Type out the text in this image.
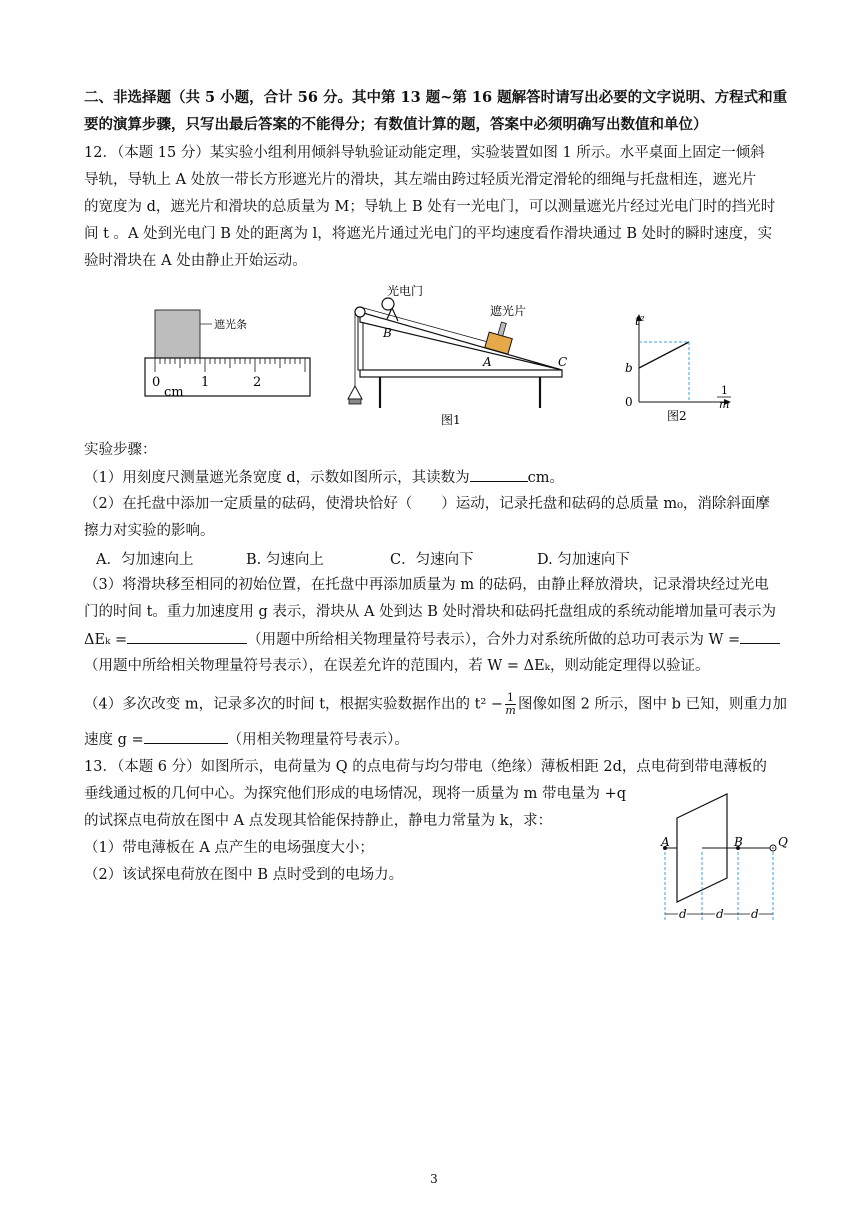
二、非选择题（共 5 小题，合计 56 分。其中第 13 题~第 16 题解答时请写出必要的文字说明、方程式和重
要的演算步骤，只写出最后答案的不能得分；有数值计算的题，答案中必须明确写出数值和单位）
12．（本题 15 分）某实验小组利用倾斜导轨验证动能定理，实验装置如图 1 所示。水平桌面上固定一倾斜
导轨，导轨上 A 处放一带长方形遮光片的滑块，其左端由跨过轻质光滑定滑轮的细绳与托盘相连，遮光片
的宽度为 d，遮光片和滑块的总质量为 M；导轨上 B 处有一光电门，可以测量遮光片经过光电门时的挡光时
间 t 。A 处到光电门 B 处的距离为 l，将遮光片通过光电门的平均速度看作滑块通过 B 处时的瞬时速度，实
验时滑块在 A 处由静止开始运动。
遮光条
0	1	2
cm
光电门
遮光片
B
A	C
图1
t²
b
0
1
m
图2
实验步骤：
（1）用刻度尺测量遮光条宽度 d，示数如图所示，其读数为	cm。
（2）在托盘中添加一定质量的砝码，使滑块恰好（　　）运动，记录托盘和砝码的总质量 m₀，消除斜面摩
擦力对实验的影响。
A．匀加速向上	B. 匀速向上	C．匀速向下	D. 匀加速向下
（3）将滑块移至相同的初始位置，在托盘中再添加质量为 m 的砝码，由静止释放滑块，记录滑块经过光电
门的时间 t。重力加速度用 g 表示，滑块从 A 处到达 B 处时滑块和砝码托盘组成的系统动能增加量可表示为
ΔEₖ =	（用题中所给相关物理量符号表示），合外力对系统所做的总功可表示为 W =
（用题中所给相关物理量符号表示），在误差允许的范围内，若 W = ΔEₖ，则动能定理得以验证。
（4）多次改变 m，记录多次的时间 t，根据实验数据作出的 $t^2 - \frac{1}{m}$ 图像如图 2 所示，图中 b 已知，则重力加
速度 g =	（用相关物理量符号表示）。
13．（本题 6 分）如图所示，电荷量为 Q 的点电荷与均匀带电（绝缘）薄板相距 2d，点电荷到带电薄板的
垂线通过板的几何中心。为探究他们形成的电场情况，现将一质量为 m 带电量为 +q
的试探点电荷放在图中 A 点发现其恰能保持静止，静电力常量为 k，求：
（1）带电薄板在 A 点产生的电场强度大小；
（2）该试探电荷放在图中 B 点时受到的电场力。
A	B	Q
d d d
3
